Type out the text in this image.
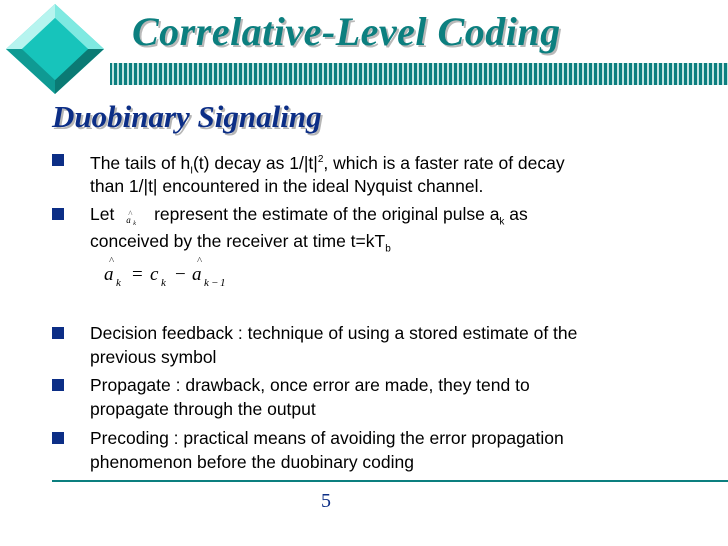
Correlative-Level Coding
Duobinary Signaling

The tails of $h_I(t)$ decay as $1/|t|^2$, which is a faster rate of decay

than 1/|t| encountered in the ideal Nyquist channel.

Let ^
a k
represent the estimate of the original pulse $a_k$ as

conceived by the receiver at time $t=kT_b$

^
a k = c k −
^
a k − 1

Decision feedback : technique of using a stored estimate of the

previous symbol

Propagate : drawback, once error are made, they tend to

propagate through the output

Precoding : practical means of avoiding the error propagation

phenomenon before the duobinary coding

5
